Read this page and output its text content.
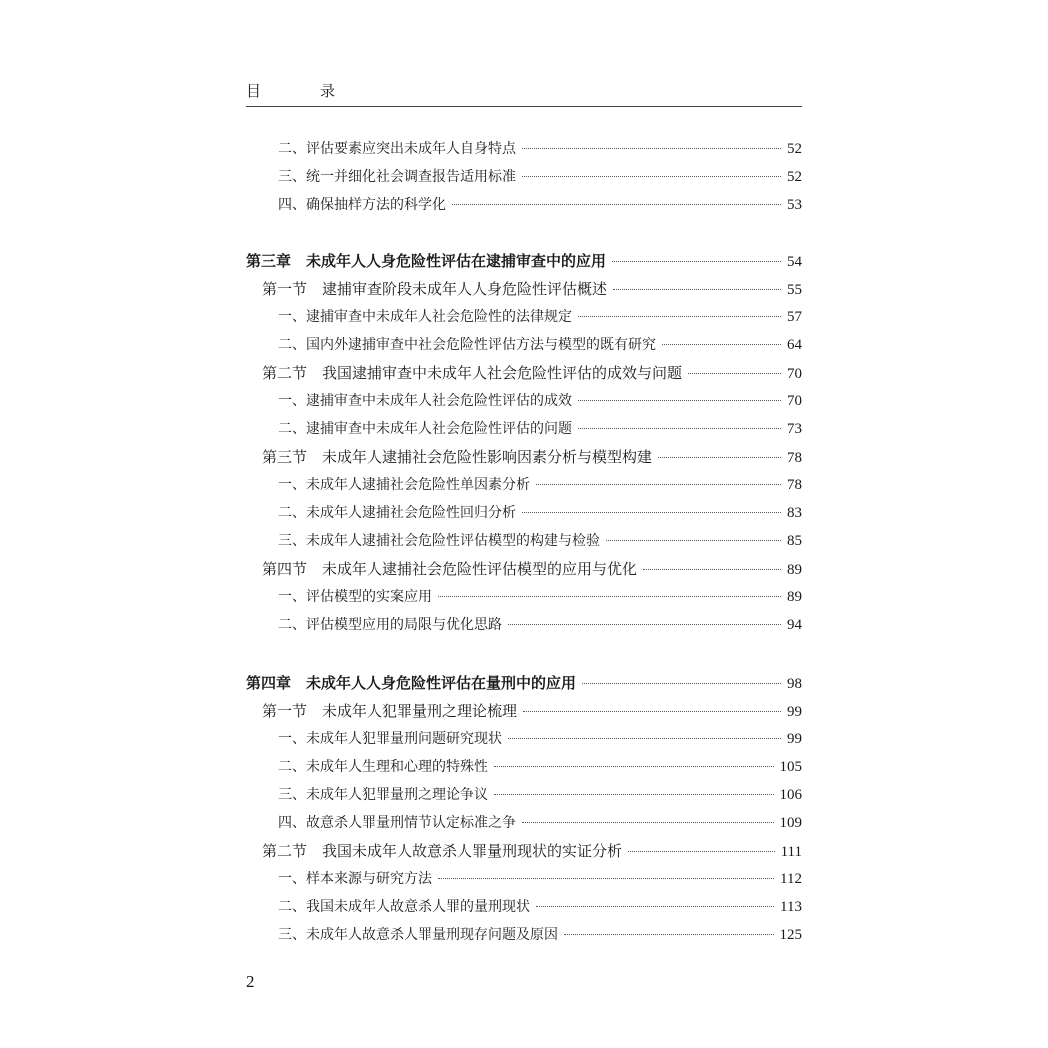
目　录
二、评估要素应突出未成年人自身特点	52
三、统一并细化社会调查报告适用标准	52
四、确保抽样方法的科学化	53
第三章　未成年人人身危险性评估在逮捕审查中的应用	54
第一节　逮捕审查阶段未成年人人身危险性评估概述	55
一、逮捕审查中未成年人社会危险性的法律规定	57
二、国内外逮捕审查中社会危险性评估方法与模型的既有研究	64
第二节　我国逮捕审查中未成年人社会危险性评估的成效与问题	70
一、逮捕审查中未成年人社会危险性评估的成效	70
二、逮捕审查中未成年人社会危险性评估的问题	73
第三节　未成年人逮捕社会危险性影响因素分析与模型构建	78
一、未成年人逮捕社会危险性单因素分析	78
二、未成年人逮捕社会危险性回归分析	83
三、未成年人逮捕社会危险性评估模型的构建与检验	85
第四节　未成年人逮捕社会危险性评估模型的应用与优化	89
一、评估模型的实案应用	89
二、评估模型应用的局限与优化思路	94
第四章　未成年人人身危险性评估在量刑中的应用	98
第一节　未成年人犯罪量刑之理论梳理	99
一、未成年人犯罪量刑问题研究现状	99
二、未成年人生理和心理的特殊性	105
三、未成年人犯罪量刑之理论争议	106
四、故意杀人罪量刑情节认定标准之争	109
第二节　我国未成年人故意杀人罪量刑现状的实证分析	111
一、样本来源与研究方法	112
二、我国未成年人故意杀人罪的量刑现状	113
三、未成年人故意杀人罪量刑现存问题及原因	125
2
